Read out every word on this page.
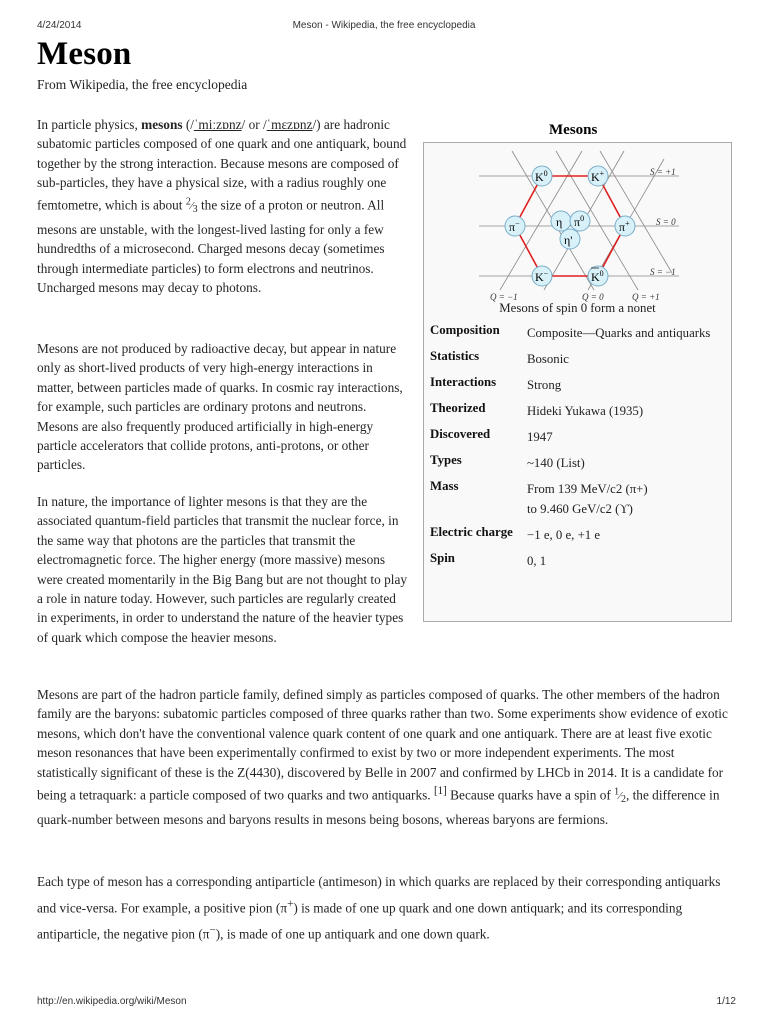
4/24/2014	Meson - Wikipedia, the free encyclopedia
Meson
From Wikipedia, the free encyclopedia

In particle physics, mesons (/ˈmiːzɒnz/ or /ˈmɛzɒnz/) are hadronic subatomic particles composed of one quark and one antiquark, bound together by the strong interaction. Because mesons are composed of sub-particles, they have a physical size, with a radius roughly one femtometre, which is about $^2⁄_3$ the size of a proton or neutron. All mesons are unstable, with the longest-lived lasting for only a few hundredths of a microsecond. Charged mesons decay (sometimes through intermediate particles) to form electrons and neutrinos. Uncharged mesons may decay to photons.

Mesons are not produced by radioactive decay, but appear in nature only as short-lived products of very high-energy interactions in matter, between particles made of quarks. In cosmic ray interactions, for example, such particles are ordinary protons and neutrons. Mesons are also frequently produced artificially in high-energy particle accelerators that collide protons, anti-protons, or other particles.

In nature, the importance of lighter mesons is that they are the associated quantum-field particles that transmit the nuclear force, in the same way that photons are the particles that transmit the electromagnetic force. The higher energy (more massive) mesons were created momentarily in the Big Bang but are not thought to play a role in nature today. However, such particles are regularly created in experiments, in order to understand the nature of the heavier types of quark which compose the heavier mesons.

Mesons are part of the hadron particle family, defined simply as particles composed of quarks. The other members of the hadron family are the baryons: subatomic particles composed of three quarks rather than two. Some experiments show evidence of exotic mesons, which don't have the conventional valence quark content of one quark and one antiquark. There are at least five exotic meson resonances that have been experimentally confirmed to exist by two or more independent experiments. The most statistically significant of these is the Z(4430), discovered by Belle in 2007 and confirmed by LHCb in 2014. It is a candidate for being a tetraquark: a particle composed of two quarks and two antiquarks. [1] Because quarks have a spin of $^1⁄_2$, the difference in quark-number between mesons and baryons results in mesons being bosons, whereas baryons are fermions.

Each type of meson has a corresponding antiparticle (antimeson) in which quarks are replaced by their corresponding antiquarks and vice-versa. For example, a positive pion (π+) is made of one up quark and one down antiquark; and its corresponding antiparticle, the negative pion (π−), is made of one up antiquark and one down quark.

Mesons
$K^0$	K+
π−	η $\pi^0$
η'
π+
K−	$K^0$
S = +1
S = 0
S = −1
Q = −1	Q = 0	Q = +1
Mesons of spin 0 form a nonet
Composition	Composite—Quarks and antiquarks
Statistics	Bosonic
Interactions	Strong
Theorized	Hideki Yukawa (1935)
Discovered	1947
Types	~140 (List)
Mass	From 139 MeV/c2 (π+)
to 9.460 GeV/c2 (ϒ)
Electric charge	−1 e, 0 e, +1 e
Spin	0, 1
http://en.wikipedia.org/wiki/Meson	1/12
